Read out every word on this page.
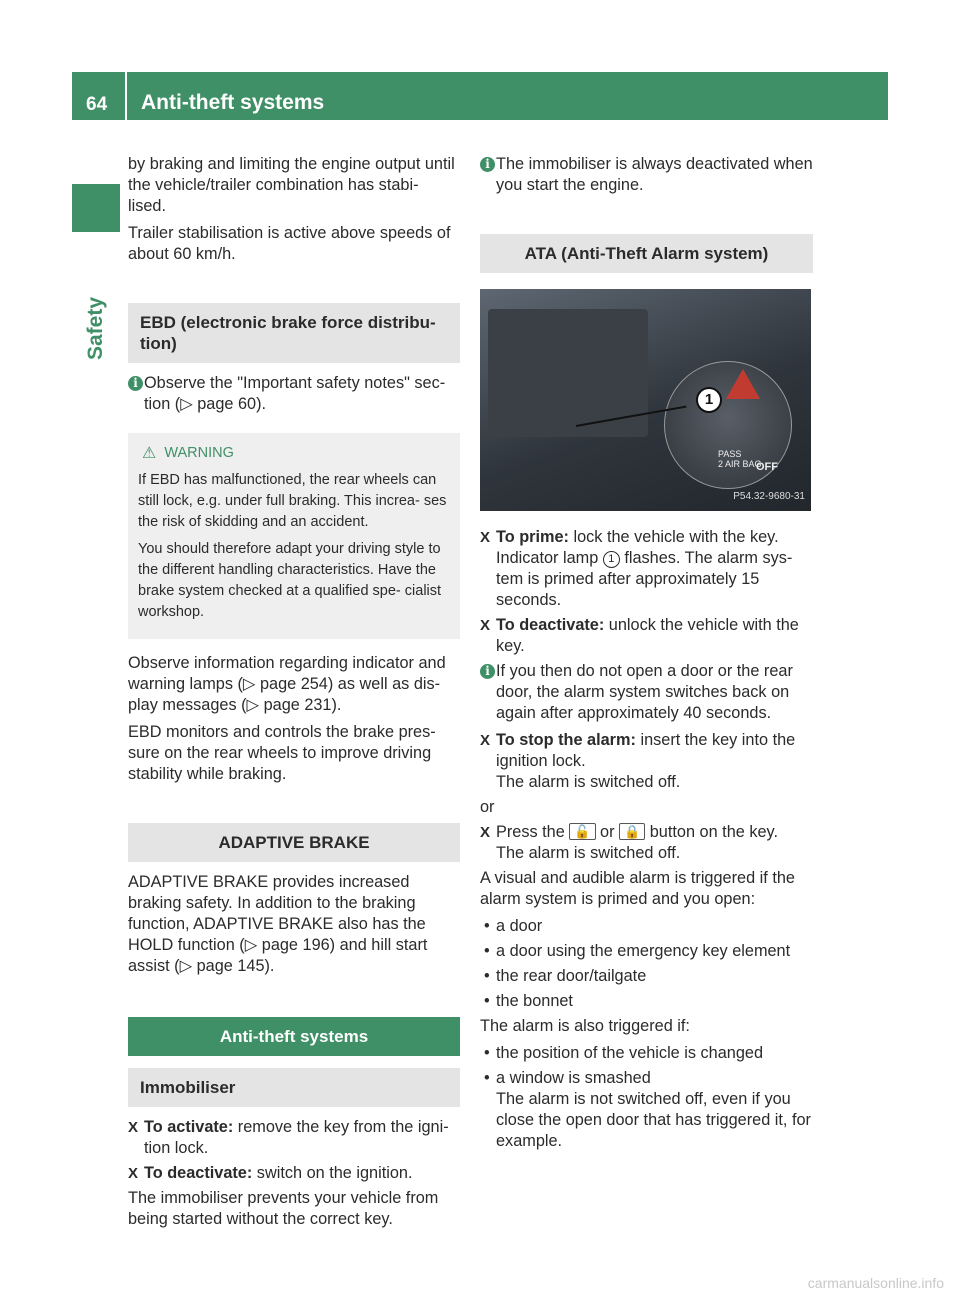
64 Anti-theft systems
Safety

by braking and limiting the engine output until the vehicle/trailer combination has stabi- lised.

Trailer stabilisation is active above speeds of about 60 km/h.

EBD (electronic brake force distribu- tion)
i Observe the "Important safety notes" sec- tion (▷ page 60).
⚠ WARNING

If EBD has malfunctioned, the rear wheels can still lock, e.g. under full braking. This increa- ses the risk of skidding and an accident.

You should therefore adapt your driving style to the different handling characteristics. Have the brake system checked at a qualified spe- cialist workshop.

Observe information regarding indicator and warning lamps (▷ page 254) as well as dis- play messages (▷ page 231).

EBD monitors and controls the brake pres- sure on the rear wheels to improve driving stability while braking.

ADAPTIVE BRAKE

ADAPTIVE BRAKE provides increased braking safety. In addition to the braking function, ADAPTIVE BRAKE also has the HOLD function (▷ page 196) and hill start assist (▷ page 145).

Anti-theft systems
Immobiliser
X To activate: remove the key from the igni- tion lock.
X To deactivate: switch on the ignition.

The immobiliser prevents your vehicle from being started without the correct key.

i The immobiliser is always deactivated when you start the engine.
ATA (Anti-Theft Alarm system)
1
PASS
2 AIR BAG
OFF
P54.32-9680-31
X To prime: lock the vehicle with the key. Indicator lamp 1 flashes. The alarm sys- tem is primed after approximately 15 seconds.
X To deactivate: unlock the vehicle with the key.
i If you then do not open a door or the rear door, the alarm system switches back on again after approximately 40 seconds.
X To stop the alarm: insert the key into the ignition lock.
The alarm is switched off.

or

X Press the 🔓 or 🔒 button on the key.
The alarm is switched off.

A visual and audible alarm is triggered if the alarm system is primed and you open:

• a door
• a door using the emergency key element
• the rear door/tailgate
• the bonnet

The alarm is also triggered if:

• the position of the vehicle is changed
• a window is smashed
The alarm is not switched off, even if you close the open door that has triggered it, for example.
carmanualsonline.info
